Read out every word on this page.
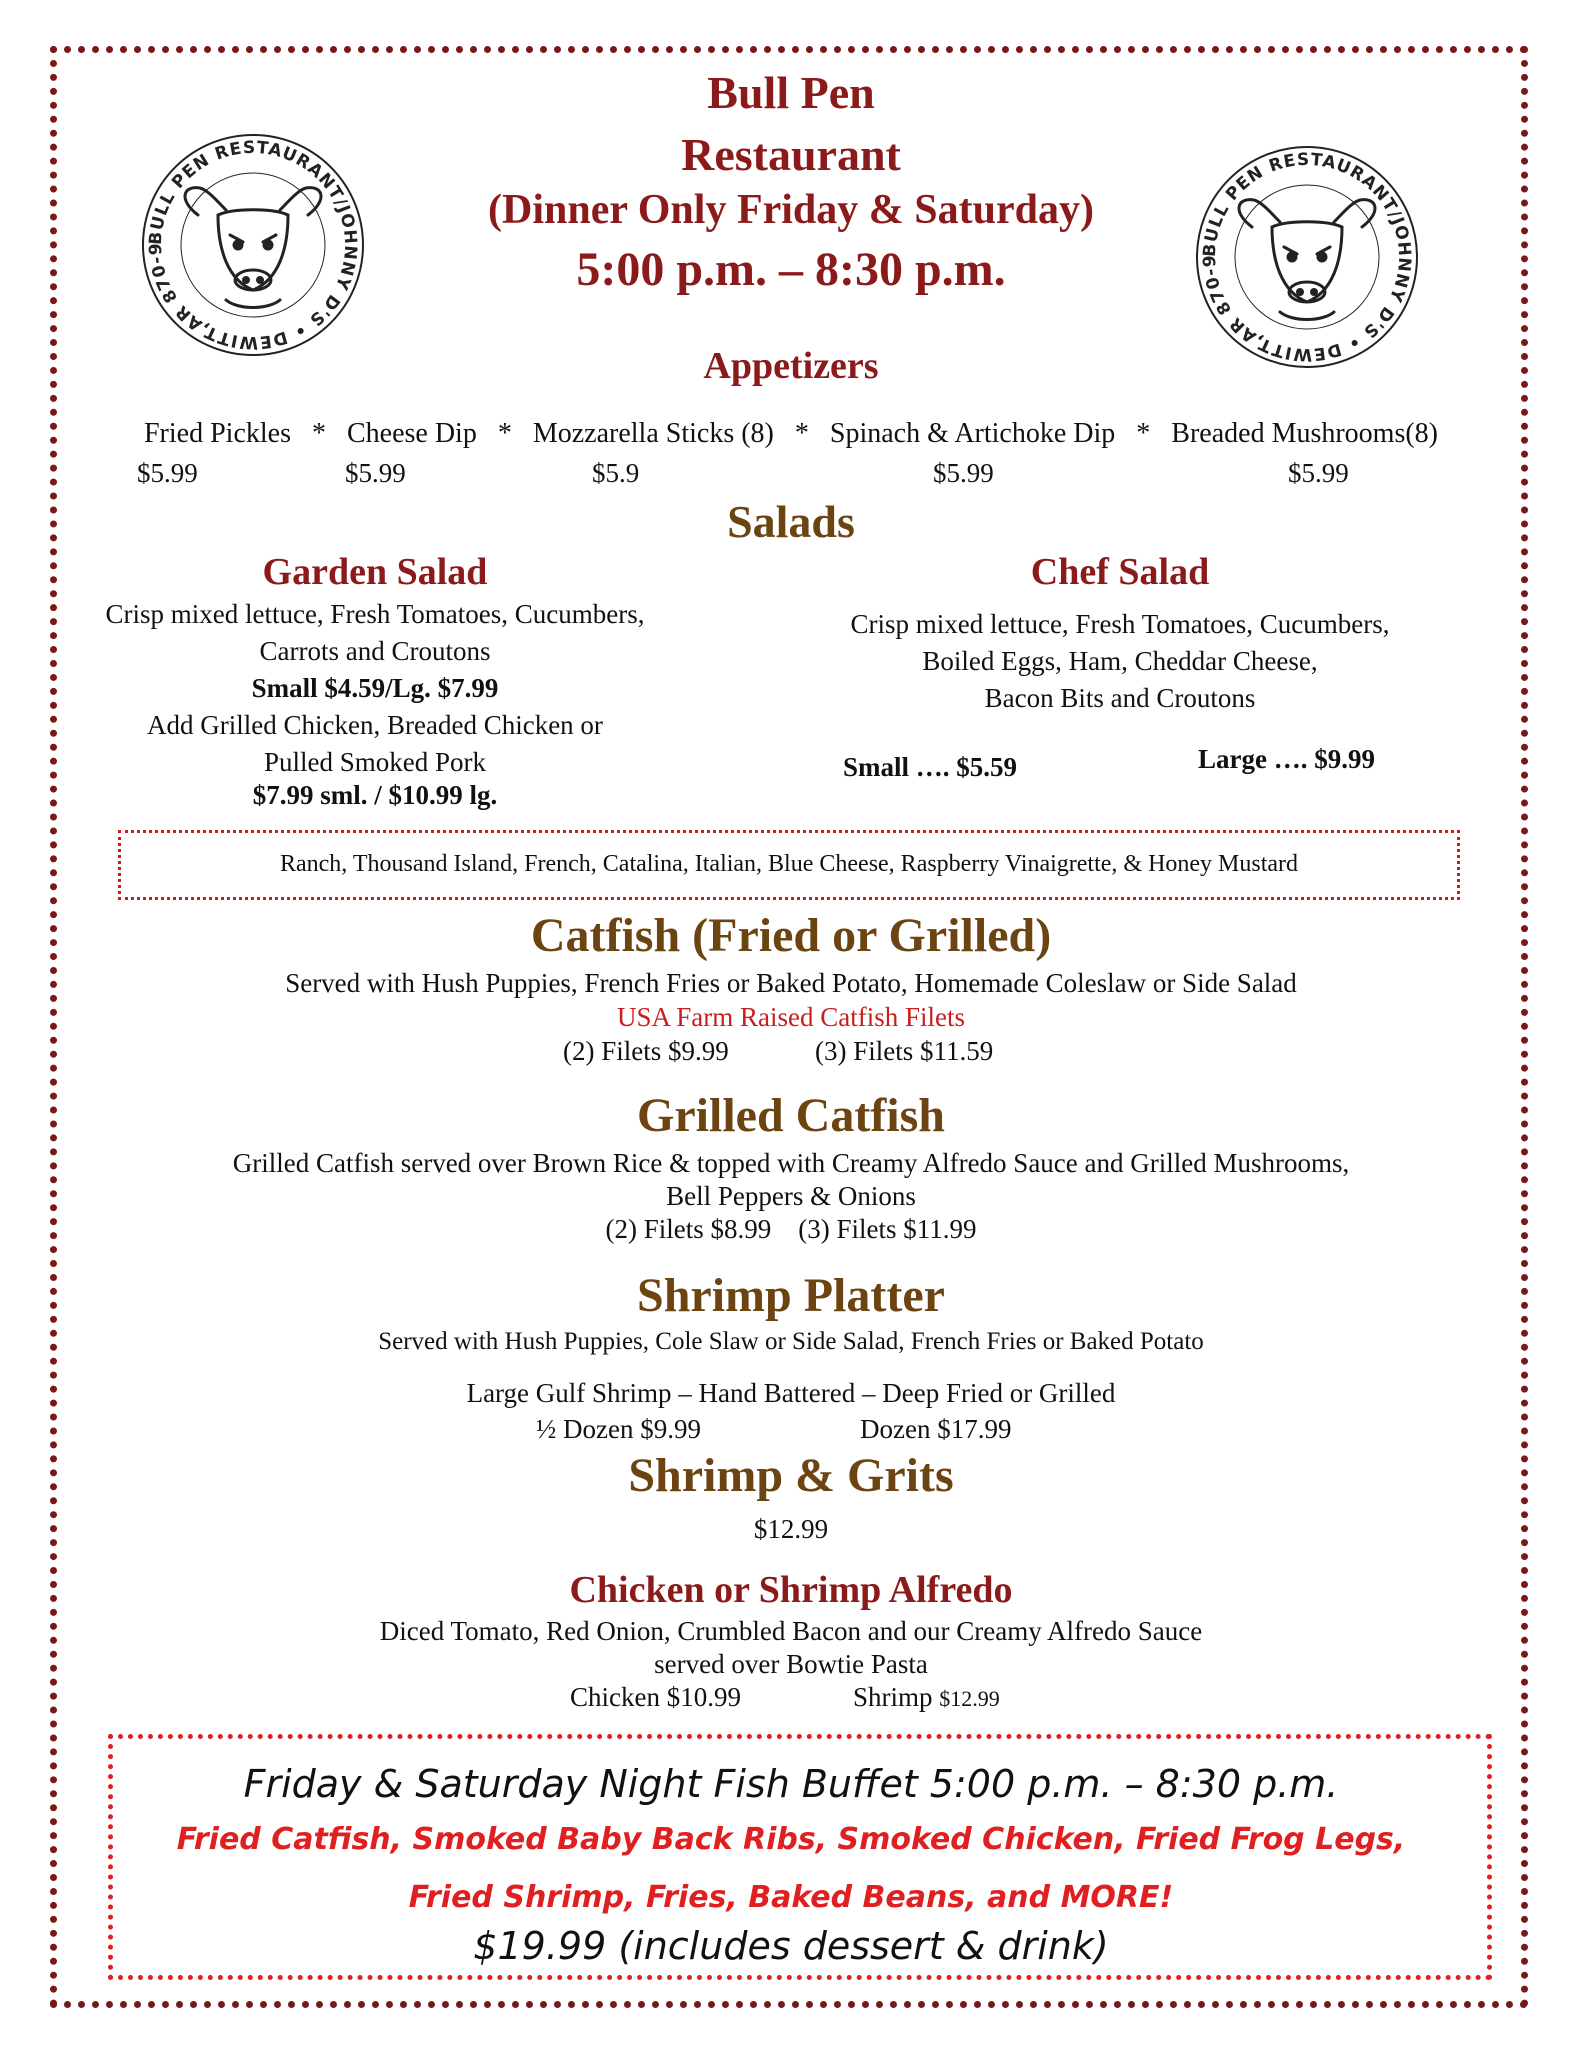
Bull Pen
Restaurant
(Dinner Only Friday & Saturday)
5:00 p.m. – 8:30 p.m.
BULL PEN RESTAURANT/JOHNNY D'S • DEWITT,AR 870-9	BULL PEN RESTAURANT/JOHNNY D'S • DEWITT,AR 870-9
Appetizers
Fried Pickles * Cheese Dip * Mozzarella Sticks (8) * Spinach & Artichoke Dip * Breaded Mushrooms(8)
$5.99	$5.99	$5.9	$5.99	$5.99
Salads
Garden Salad
Crisp mixed lettuce, Fresh Tomatoes, Cucumbers,
Carrots and Croutons
Small $4.59/Lg. $7.99
Add Grilled Chicken, Breaded Chicken or
Pulled Smoked Pork
$7.99 sml. / $10.99 lg.
Chef Salad
Crisp mixed lettuce, Fresh Tomatoes, Cucumbers,
Boiled Eggs, Ham, Cheddar Cheese,
Bacon Bits and Croutons
Small …. $5.59	Large …. $9.99
Ranch, Thousand Island, French, Catalina, Italian, Blue Cheese, Raspberry Vinaigrette, & Honey Mustard
Catfish (Fried or Grilled)
Served with Hush Puppies, French Fries or Baked Potato, Homemade Coleslaw or Side Salad
USA Farm Raised Catfish Filets
(2) Filets $9.99	(3) Filets $11.59
Grilled Catfish
Grilled Catfish served over Brown Rice & topped with Creamy Alfredo Sauce and Grilled Mushrooms,
Bell Peppers & Onions
(2) Filets $8.99    (3) Filets $11.99
Shrimp Platter
Served with Hush Puppies, Cole Slaw or Side Salad, French Fries or Baked Potato
Large Gulf Shrimp – Hand Battered – Deep Fried or Grilled
½ Dozen $9.99	Dozen $17.99
Shrimp & Grits
$12.99
Chicken or Shrimp Alfredo
Diced Tomato, Red Onion, Crumbled Bacon and our Creamy Alfredo Sauce
served over Bowtie Pasta
Chicken $10.99	Shrimp $12.99
Friday & Saturday Night Fish Buffet 5:00 p.m. – 8:30 p.m.
Fried Catfish, Smoked Baby Back Ribs, Smoked Chicken, Fried Frog Legs,
Fried Shrimp, Fries, Baked Beans, and MORE!
$19.99 (includes dessert & drink)
